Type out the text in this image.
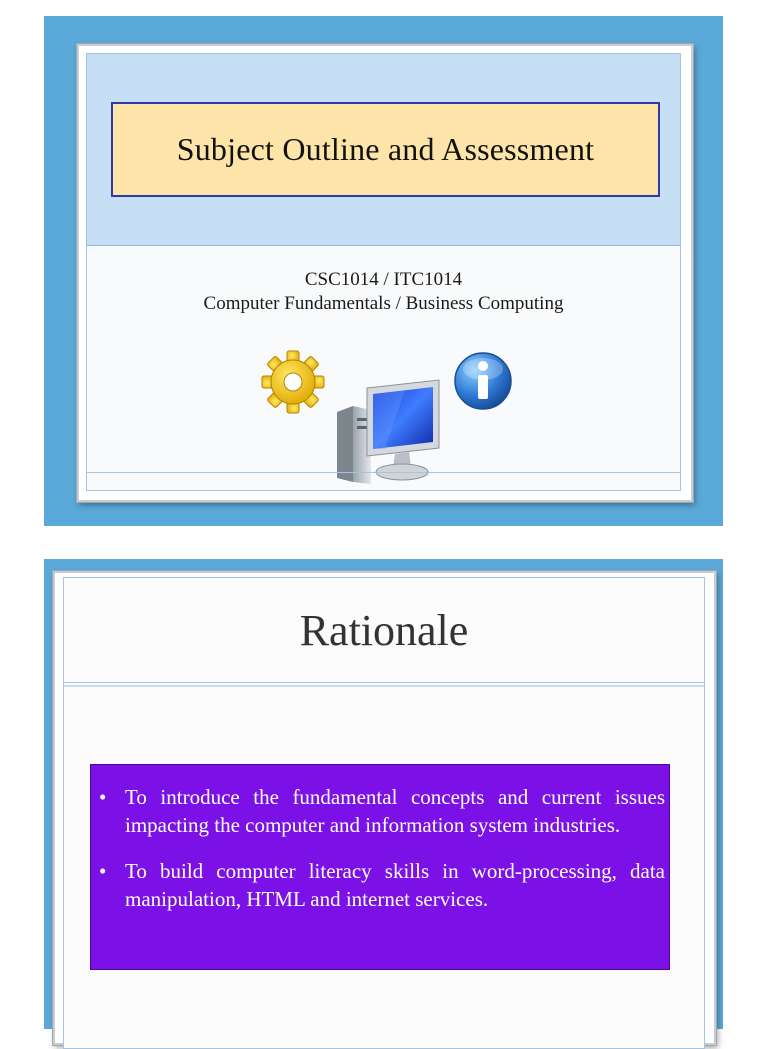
Subject Outline and Assessment
CSC1014 / ITC1014
Computer Fundamentals / Business Computing
Rationale
• To introduce the fundamental concepts and current issues impacting the computer and information system industries.
• To build computer literacy skills in word-processing, data manipulation, HTML and internet services.
